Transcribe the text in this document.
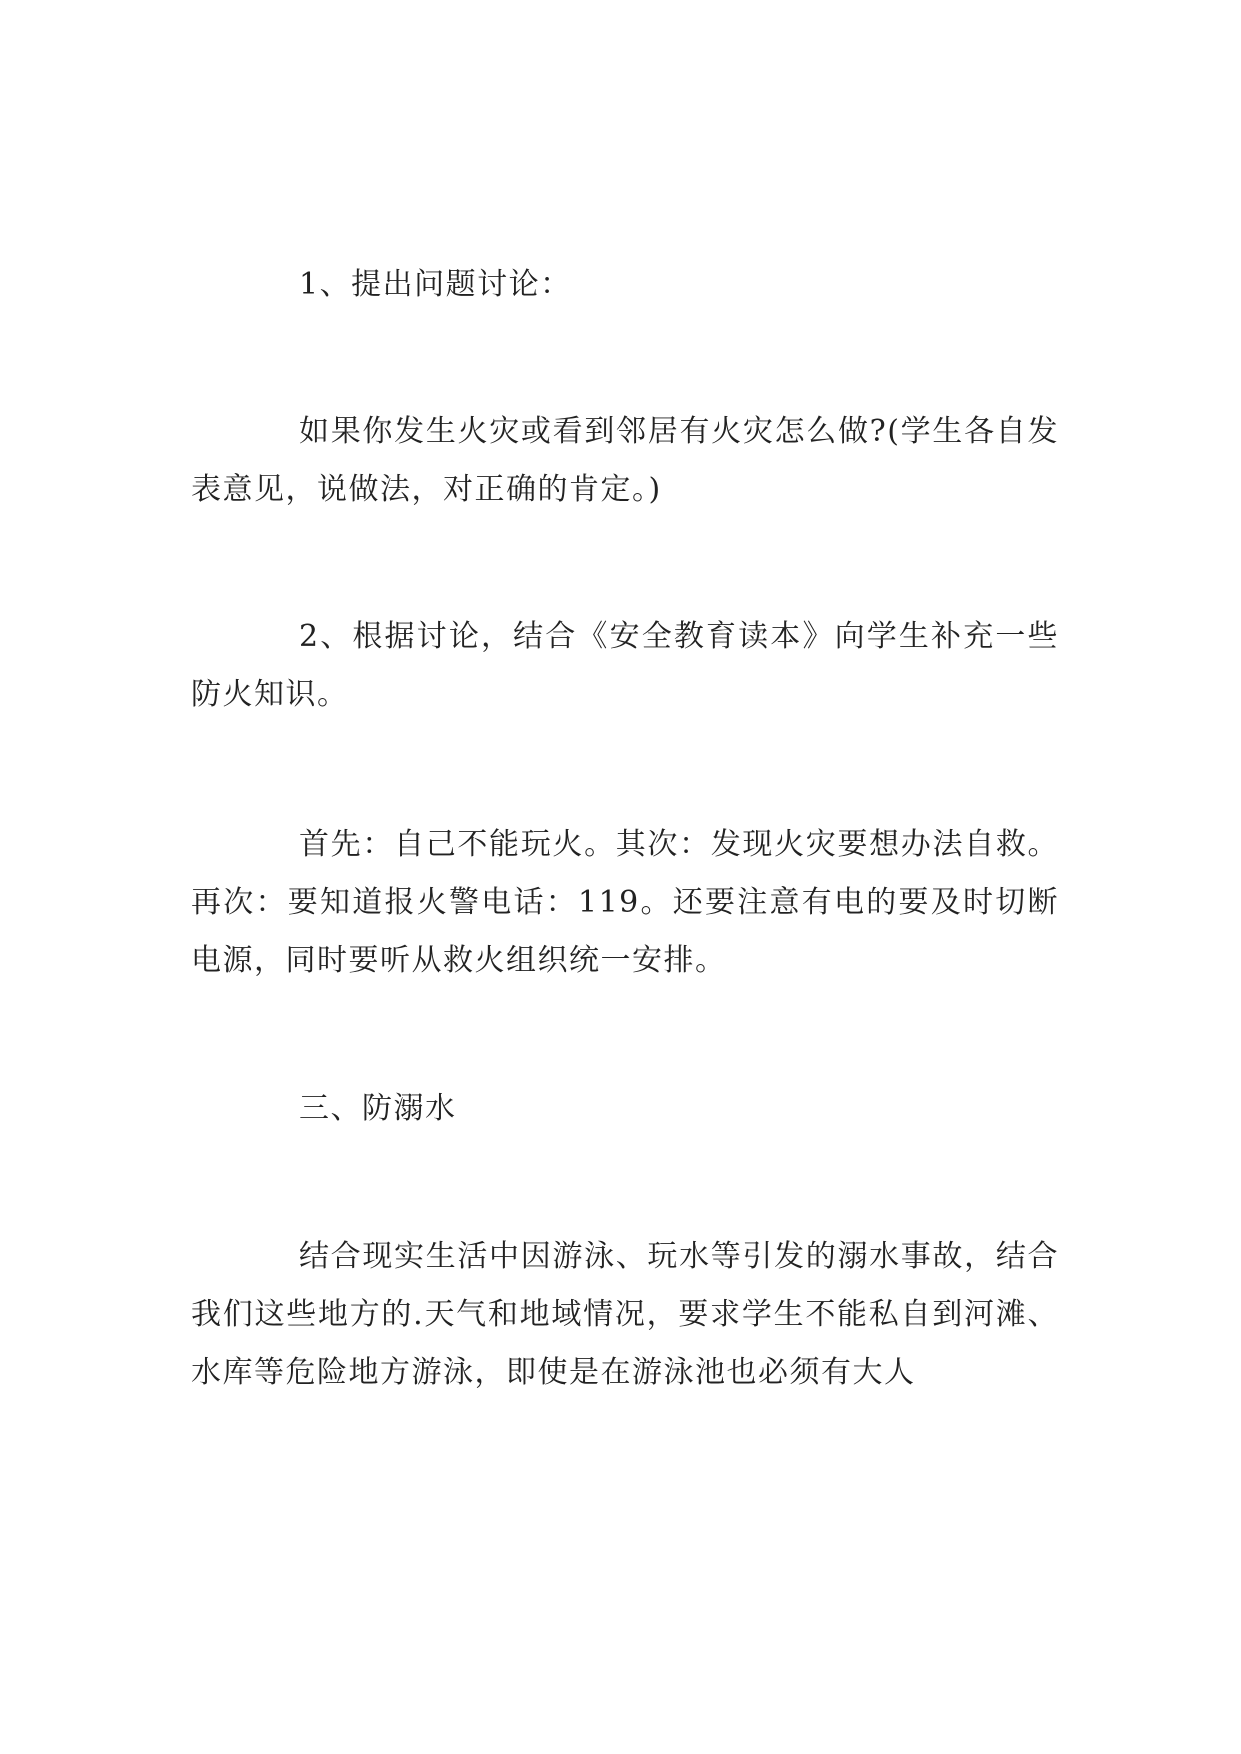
1、提出问题讨论：

如果你发生火灾或看到邻居有火灾怎么做?(学生各自发表意见，说做法，对正确的肯定。)

2、根据讨论，结合《安全教育读本》向学生补充一些防火知识。

首先：自己不能玩火。其次：发现火灾要想办法自救。再次：要知道报火警电话：119。还要注意有电的要及时切断电源，同时要听从救火组织统一安排。

三、防溺水

结合现实生活中因游泳、玩水等引发的溺水事故，结合我们这些地方的.天气和地域情况，要求学生不能私自到河滩、水库等危险地方游泳，即使是在游泳池也必须有大人
